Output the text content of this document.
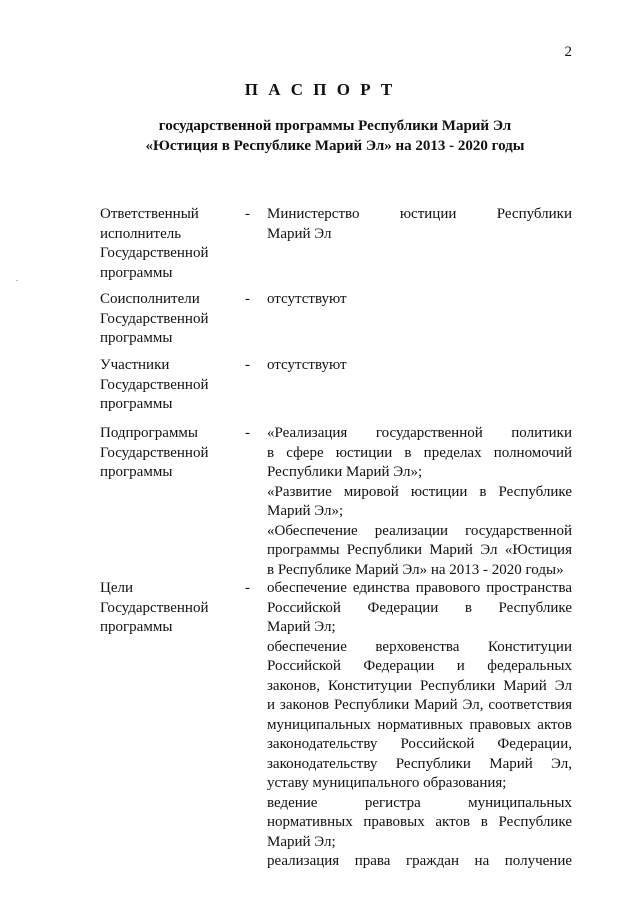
2
П А С П О Р Т
государственной программы Республики Марий Эл
«Юстиция в Республике Марий Эл» на 2013 - 2020 годы
Ответственный
исполнитель
Государственной
программы
- Министерство юстиции Республики
Марий Эл
Соисполнители
Государственной
программы
- отсутствуют
Участники
Государственной
программы
- отсутствуют
Подпрограммы
Государственной
программы
- «Реализация государственной политики
в сфере юстиции в пределах полномочий
Республики Марий Эл»;
«Развитие мировой юстиции в Республике
Марий Эл»;
«Обеспечение реализации государственной
программы Республики Марий Эл «Юстиция
в Республике Марий Эл» на 2013 - 2020 годы»
Цели
Государственной
программы
- обеспечение единства правового пространства
Российской Федерации в Республике
Марий Эл;
обеспечение верховенства Конституции
Российской Федерации и федеральных
законов, Конституции Республики Марий Эл
и законов Республики Марий Эл, соответствия
муниципальных нормативных правовых актов
законодательству Российской Федерации,
законодательству Республики Марий Эл,
уставу муниципального образования;
ведение регистра муниципальных
нормативных правовых актов в Республике
Марий Эл;
реализация права граждан на получение
